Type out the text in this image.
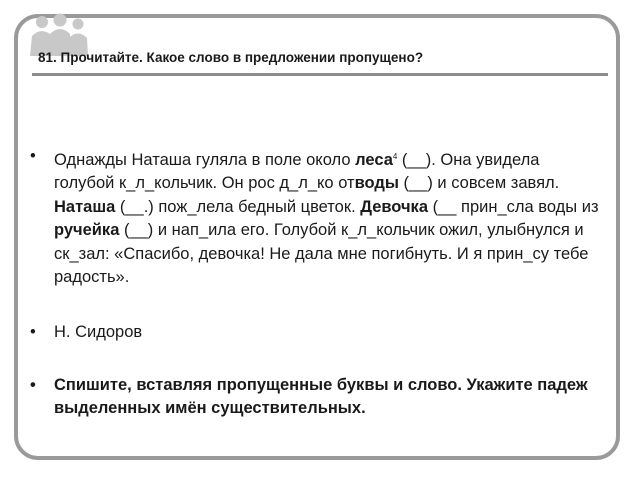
81. Прочитайте. Какое слово в предложении пропущено?
• Однажды Наташа гуляла в поле около леса$^4$ (__). Она увидела голубой к_л_кольчик. Он рос д_л_ко отводы (__) и совсем завял. Наташа (__.) пож_лела бедный цветок. Девочка (__ прин_сла воды из ручейка (__) и нап_ила его. Голубой к_л_кольчик ожил, улыбнулся и ск_зал: «Спасибо, девочка! Не дала мне погибнуть. И я прин_су тебе радость».
• Н. Сидоров
• Спишите, вставляя пропущенные буквы и слово. Укажите падеж выделенных имён существительных.
